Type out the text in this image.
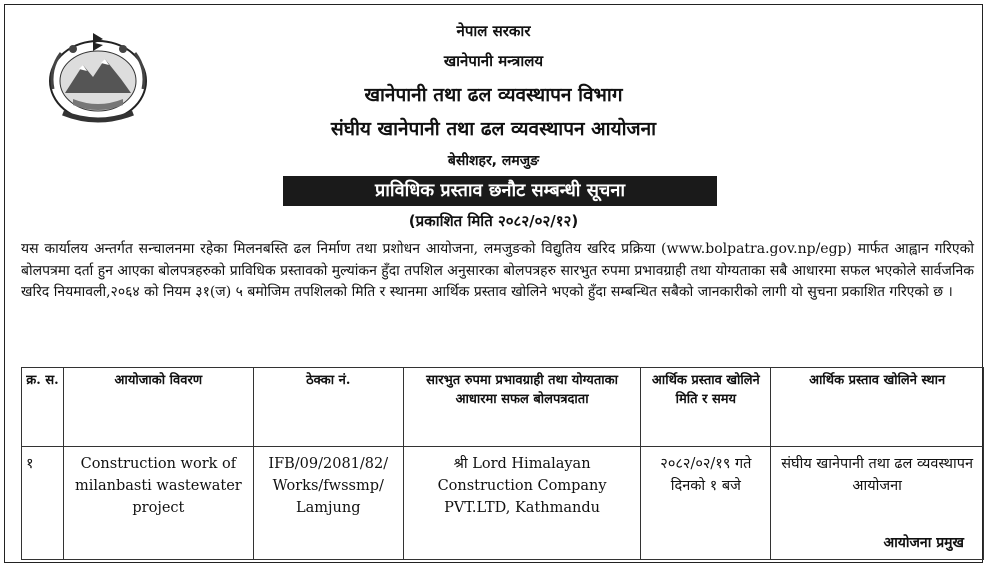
नेपाल सरकार
खानेपानी मन्त्रालय
खानेपानी तथा ढल व्यवस्थापन विभाग
संघीय खानेपानी तथा ढल व्यवस्थापन आयोजना
बेसीशहर, लमजुङ
प्राविधिक प्रस्ताव छनौट सम्बन्धी सूचना
(प्रकाशित मिति २०८२/०२/१२)
यस कार्यालय अन्तर्गत सन्चालनमा रहेका मिलनबस्ति ढल निर्माण तथा प्रशोधन आयोजना, लमजुङको विद्युतिय खरिद प्रक्रिया (www.bolpatra.gov.np/egp) मार्फत आह्वान गरिएको बोलपत्रमा दर्ता हुन आएका बोलपत्रहरुको प्राविधिक प्रस्तावको मुल्यांकन हुँदा तपशिल अनुसारका बोलपत्रहरु सारभुत रुपमा प्रभावग्राही तथा योग्यताका सबै आधारमा सफल भएकोले सार्वजनिक खरिद नियमावली,२०६४ को नियम ३१(ज) ५ बमोजिम तपशिलको मिति र स्थानमा आर्थिक प्रस्ताव खोलिने भएको हुँदा सम्बन्धित सबैको जानकारीको लागी यो सुचना प्रकाशित गरिएको छ ।
क्र. स.	आयोजाको विवरण	ठेक्का नं.	सारभुत रुपमा प्रभावग्राही तथा योग्यताका आधारमा सफल बोलपत्रदाता	आर्थिक प्रस्ताव खोलिने मिति र समय	आर्थिक प्रस्ताव खोलिने स्थान
१	Construction work of milanbasti wastewater project	IFB/09/2081/82/ Works/fwssmp/ Lamjung	श्री Lord Himalayan Construction Company PVT.LTD, Kathmandu	२०८२/०२/१९ गते दिनको १ बजे	संघीय खानेपानी तथा ढल व्यवस्थापन आयोजना
आयोजना प्रमुख
